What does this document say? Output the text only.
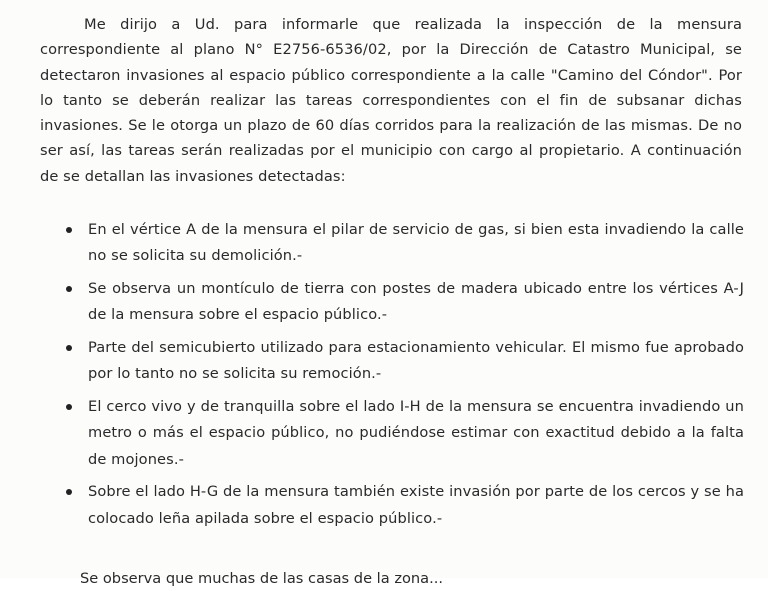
Me dirijo a Ud. para informarle que realizada la inspección de la mensura correspondiente al plano N° E2756-6536/02, por la Dirección de Catastro Municipal, se detectaron invasiones al espacio público correspondiente a la calle "Camino del Cóndor". Por lo tanto se deberán realizar las tareas correspondientes con el fin de subsanar dichas invasiones. Se le otorga un plazo de 60 días corridos para la realización de las mismas. De no ser así, las tareas serán realizadas por el municipio con cargo al propietario. A continuación de se detallan las invasiones detectadas:

En el vértice A de la mensura el pilar de servicio de gas, si bien esta invadiendo la calle no se solicita su demolición.-
Se observa un montículo de tierra con postes de madera ubicado entre los vértices A-J de la mensura sobre el espacio público.-
Parte del semicubierto utilizado para estacionamiento vehicular. El mismo fue aprobado por lo tanto no se solicita su remoción.-
El cerco vivo y de tranquilla sobre el lado I-H de la mensura se encuentra invadiendo un metro o más el espacio público, no pudiéndose estimar con exactitud debido a la falta de mojones.-
Sobre el lado H-G de la mensura también existe invasión por parte de los cercos y se ha colocado leña apilada sobre el espacio público.-
Se observa que muchas de las casas de la zona...
